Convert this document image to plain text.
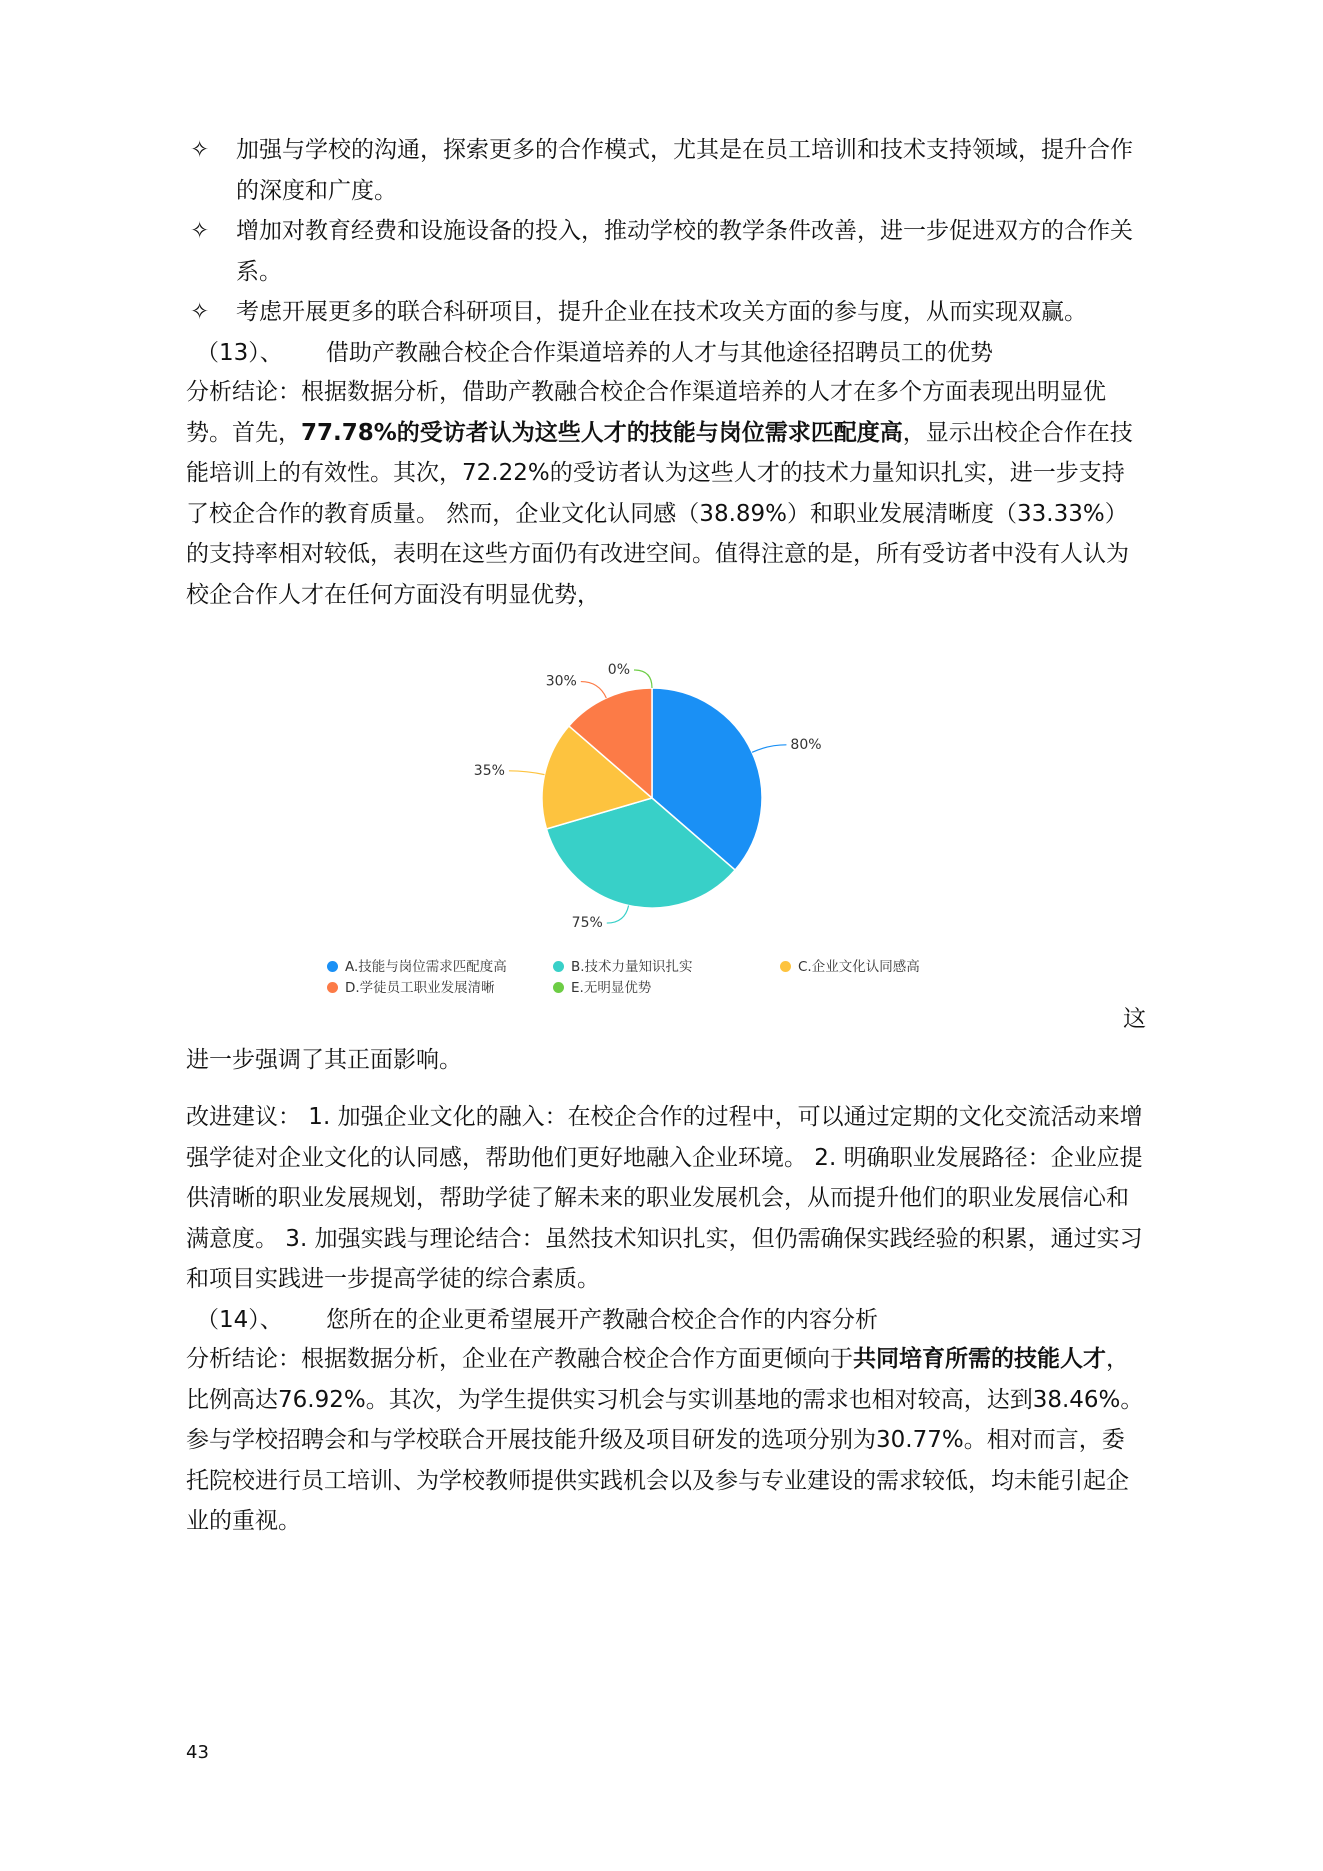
✧ 加强与学校的沟通，探索更多的合作模式，尤其是在员工培训和技术支持领域，提升合作的深度和广度。
✧ 增加对教育经费和设施设备的投入，推动学校的教学条件改善，进一步促进双方的合作关系。
✧ 考虑开展更多的联合科研项目，提升企业在技术攻关方面的参与度，从而实现双赢。
（13）、 借助产教融合校企合作渠道培养的人才与其他途径招聘员工的优势
分析结论：根据数据分析，借助产教融合校企合作渠道培养的人才在多个方面表现出明显优势。首先，77.78%的受访者认为这些人才的技能与岗位需求匹配度高，显示出校企合作在技能培训上的有效性。其次，72.22%的受访者认为这些人才的技术力量知识扎实，进一步支持了校企合作的教育质量。 然而，企业文化认同感（38.89%）和职业发展清晰度（33.33%）的支持率相对较低，表明在这些方面仍有改进空间。值得注意的是，所有受访者中没有人认为校企合作人才在任何方面没有明显优势，
80%
75%
35%
30%
0%
A.技能与岗位需求匹配度高	B.技术力量知识扎实	C.企业文化认同感高
D.学徒员工职业发展清晰	E.无明显优势
这
进一步强调了其正面影响。
改进建议： 1. 加强企业文化的融入：在校企合作的过程中，可以通过定期的文化交流活动来增强学徒对企业文化的认同感，帮助他们更好地融入企业环境。 2. 明确职业发展路径：企业应提供清晰的职业发展规划，帮助学徒了解未来的职业发展机会，从而提升他们的职业发展信心和满意度。 3. 加强实践与理论结合：虽然技术知识扎实，但仍需确保实践经验的积累，通过实习和项目实践进一步提高学徒的综合素质。
（14）、 您所在的企业更希望展开产教融合校企合作的内容分析
分析结论：根据数据分析，企业在产教融合校企合作方面更倾向于共同培育所需的技能人才，比例高达76.92%。其次，为学生提供实习机会与实训基地的需求也相对较高，达到38.46%。参与学校招聘会和与学校联合开展技能升级及项目研发的选项分别为30.77%。相对而言，委托院校进行员工培训、为学校教师提供实践机会以及参与专业建设的需求较低，均未能引起企业的重视。
43
